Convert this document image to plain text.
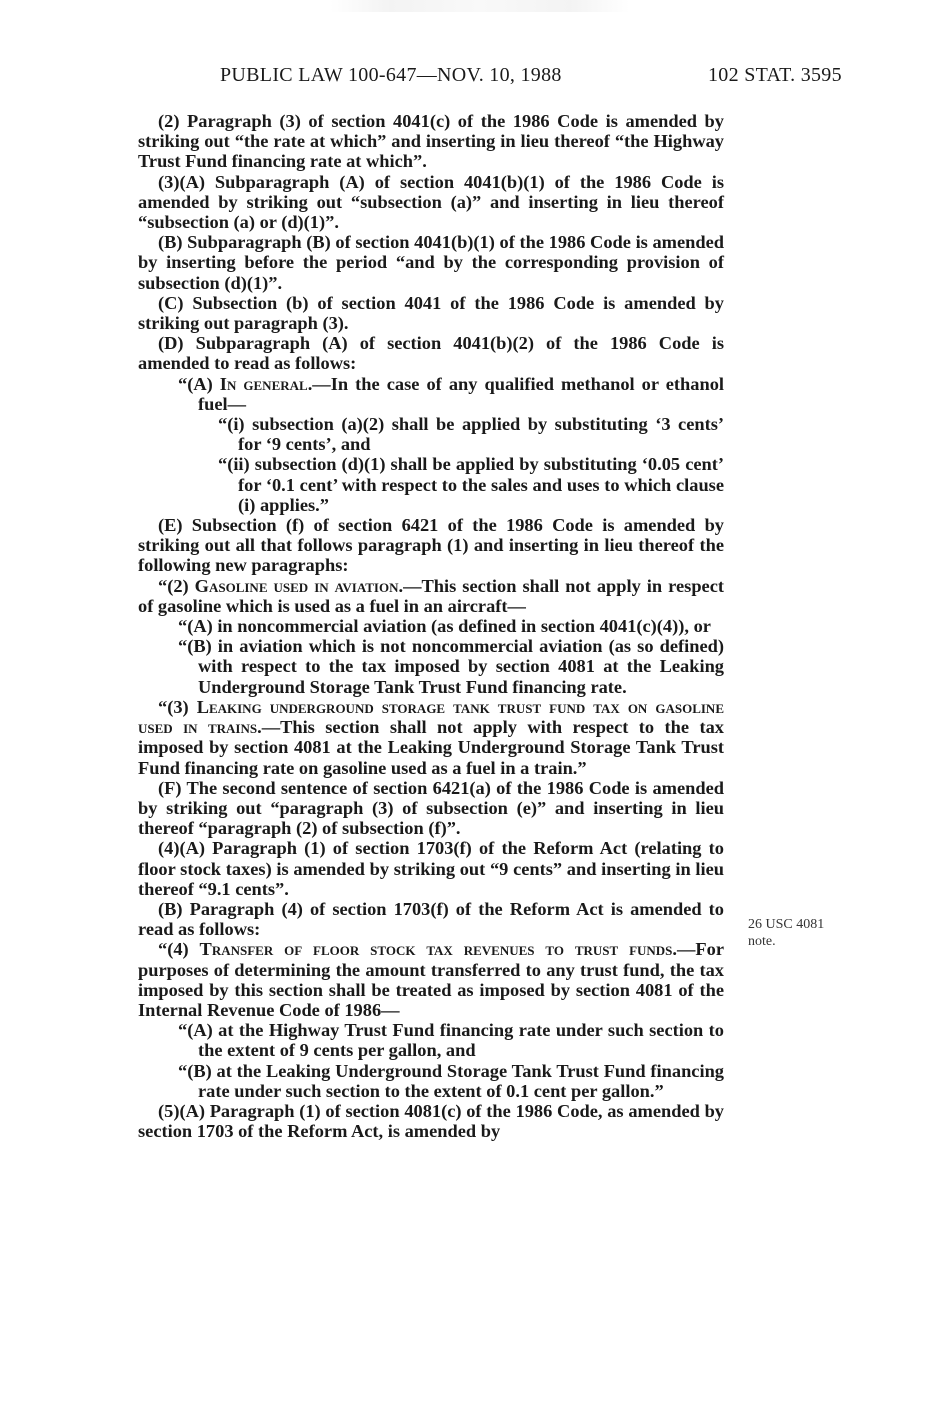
PUBLIC LAW 100-647—NOV. 10, 1988	102 STAT. 3595

(2) Paragraph (3) of section 4041(c) of the 1986 Code is amended by striking out “the rate at which” and inserting in lieu thereof “the Highway Trust Fund financing rate at which”.

(3)(A) Subparagraph (A) of section 4041(b)(1) of the 1986 Code is amended by striking out “subsection (a)” and inserting in lieu thereof “subsection (a) or (d)(1)”.

(B) Subparagraph (B) of section 4041(b)(1) of the 1986 Code is amended by inserting before the period “and by the corresponding provision of subsection (d)(1)”.

(C) Subsection (b) of section 4041 of the 1986 Code is amended by striking out paragraph (3).

(D) Subparagraph (A) of section 4041(b)(2) of the 1986 Code is amended to read as follows:

“(A) In general.—In the case of any qualified methanol or ethanol fuel—

“(i) subsection (a)(2) shall be applied by substituting ‘3 cents’ for ‘9 cents’, and

“(ii) subsection (d)(1) shall be applied by substituting ‘0.05 cent’ for ‘0.1 cent’ with respect to the sales and uses to which clause (i) applies.”

(E) Subsection (f) of section 6421 of the 1986 Code is amended by striking out all that follows paragraph (1) and inserting in lieu thereof the following new paragraphs:

“(2) Gasoline used in aviation.—This section shall not apply in respect of gasoline which is used as a fuel in an aircraft—

“(A) in noncommercial aviation (as defined in section 4041(c)(4)), or

“(B) in aviation which is not noncommercial aviation (as so defined) with respect to the tax imposed by section 4081 at the Leaking Underground Storage Tank Trust Fund financing rate.

“(3) Leaking underground storage tank trust fund tax on gasoline used in trains.—This section shall not apply with respect to the tax imposed by section 4081 at the Leaking Underground Storage Tank Trust Fund financing rate on gasoline used as a fuel in a train.”

(F) The second sentence of section 6421(a) of the 1986 Code is amended by striking out “paragraph (3) of subsection (e)” and inserting in lieu thereof “paragraph (2) of subsection (f)”.

(4)(A) Paragraph (1) of section 1703(f) of the Reform Act (relating to floor stock taxes) is amended by striking out “9 cents” and inserting in lieu thereof “9.1 cents”.

(B) Paragraph (4) of section 1703(f) of the Reform Act is amended to read as follows:

“(4) Transfer of floor stock tax revenues to trust funds.—For purposes of determining the amount transferred to any trust fund, the tax imposed by this section shall be treated as imposed by section 4081 of the Internal Revenue Code of 1986—

“(A) at the Highway Trust Fund financing rate under such section to the extent of 9 cents per gallon, and

“(B) at the Leaking Underground Storage Tank Trust Fund financing rate under such section to the extent of 0.1 cent per gallon.”

(5)(A) Paragraph (1) of section 4081(c) of the 1986 Code, as amended by section 1703 of the Reform Act, is amended by

26 USC 4081
note.
